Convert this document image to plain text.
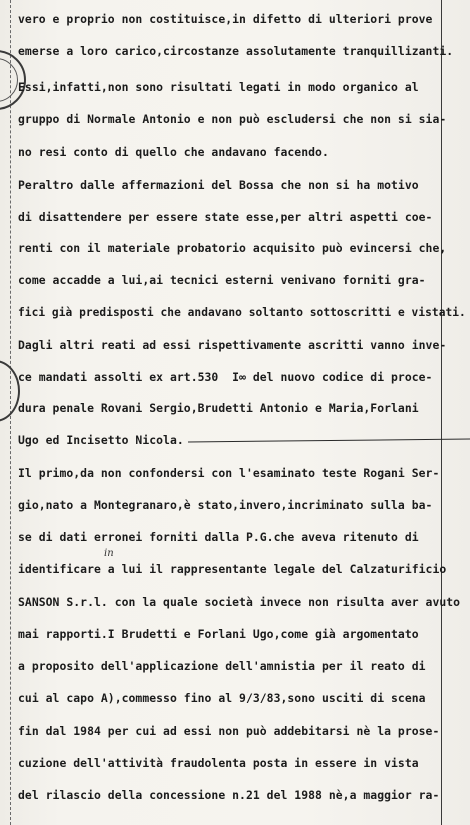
vero e proprio non costituisce,in difetto di ulteriori prove

emerse a loro carico,circostanze assolutamente tranquillizanti.

Essi,infatti,non sono risultati legati in modo organico al

gruppo di Normale Antonio e non può escludersi che non si sia-

no resi conto di quello che andavano facendo.

Peraltro dalle affermazioni del Bossa che non si ha motivo

di disattendere per essere state esse,per altri aspetti coe-

renti con il materiale probatorio acquisito può evincersi che,

come accadde a lui,ai tecnici esterni venivano forniti gra-

fici già predisposti che andavano soltanto sottoscritti e vistati.

Dagli altri reati ad essi rispettivamente ascritti vanno inve-

ce mandati assolti ex art.530  I∞ del nuovo codice di proce-

dura penale Rovani Sergio,Brudetti Antonio e Maria,Forlani

Ugo ed Incisetto Nicola.

Il primo,da non confondersi con l'esaminato teste Rogani Ser-

gio,nato a Montegranaro,è stato,invero,incriminato sulla ba-

se di dati erronei forniti dalla P.G.che aveva ritenuto di

identificare a lui il rappresentante legale del Calzaturificio

SANSON S.r.l. con la quale società invece non risulta aver avuto

mai rapporti.I Brudetti e Forlani Ugo,come già argomentato

a proposito dell'applicazione dell'amnistia per il reato di

cui al capo A),commesso fino al 9/3/83,sono usciti di scena

fin dal 1984 per cui ad essi non può addebitarsi nè la prose-

cuzione dell'attività fraudolenta posta in essere in vista

del rilascio della concessione n.21 del 1988 nè,a maggior ra-

in
